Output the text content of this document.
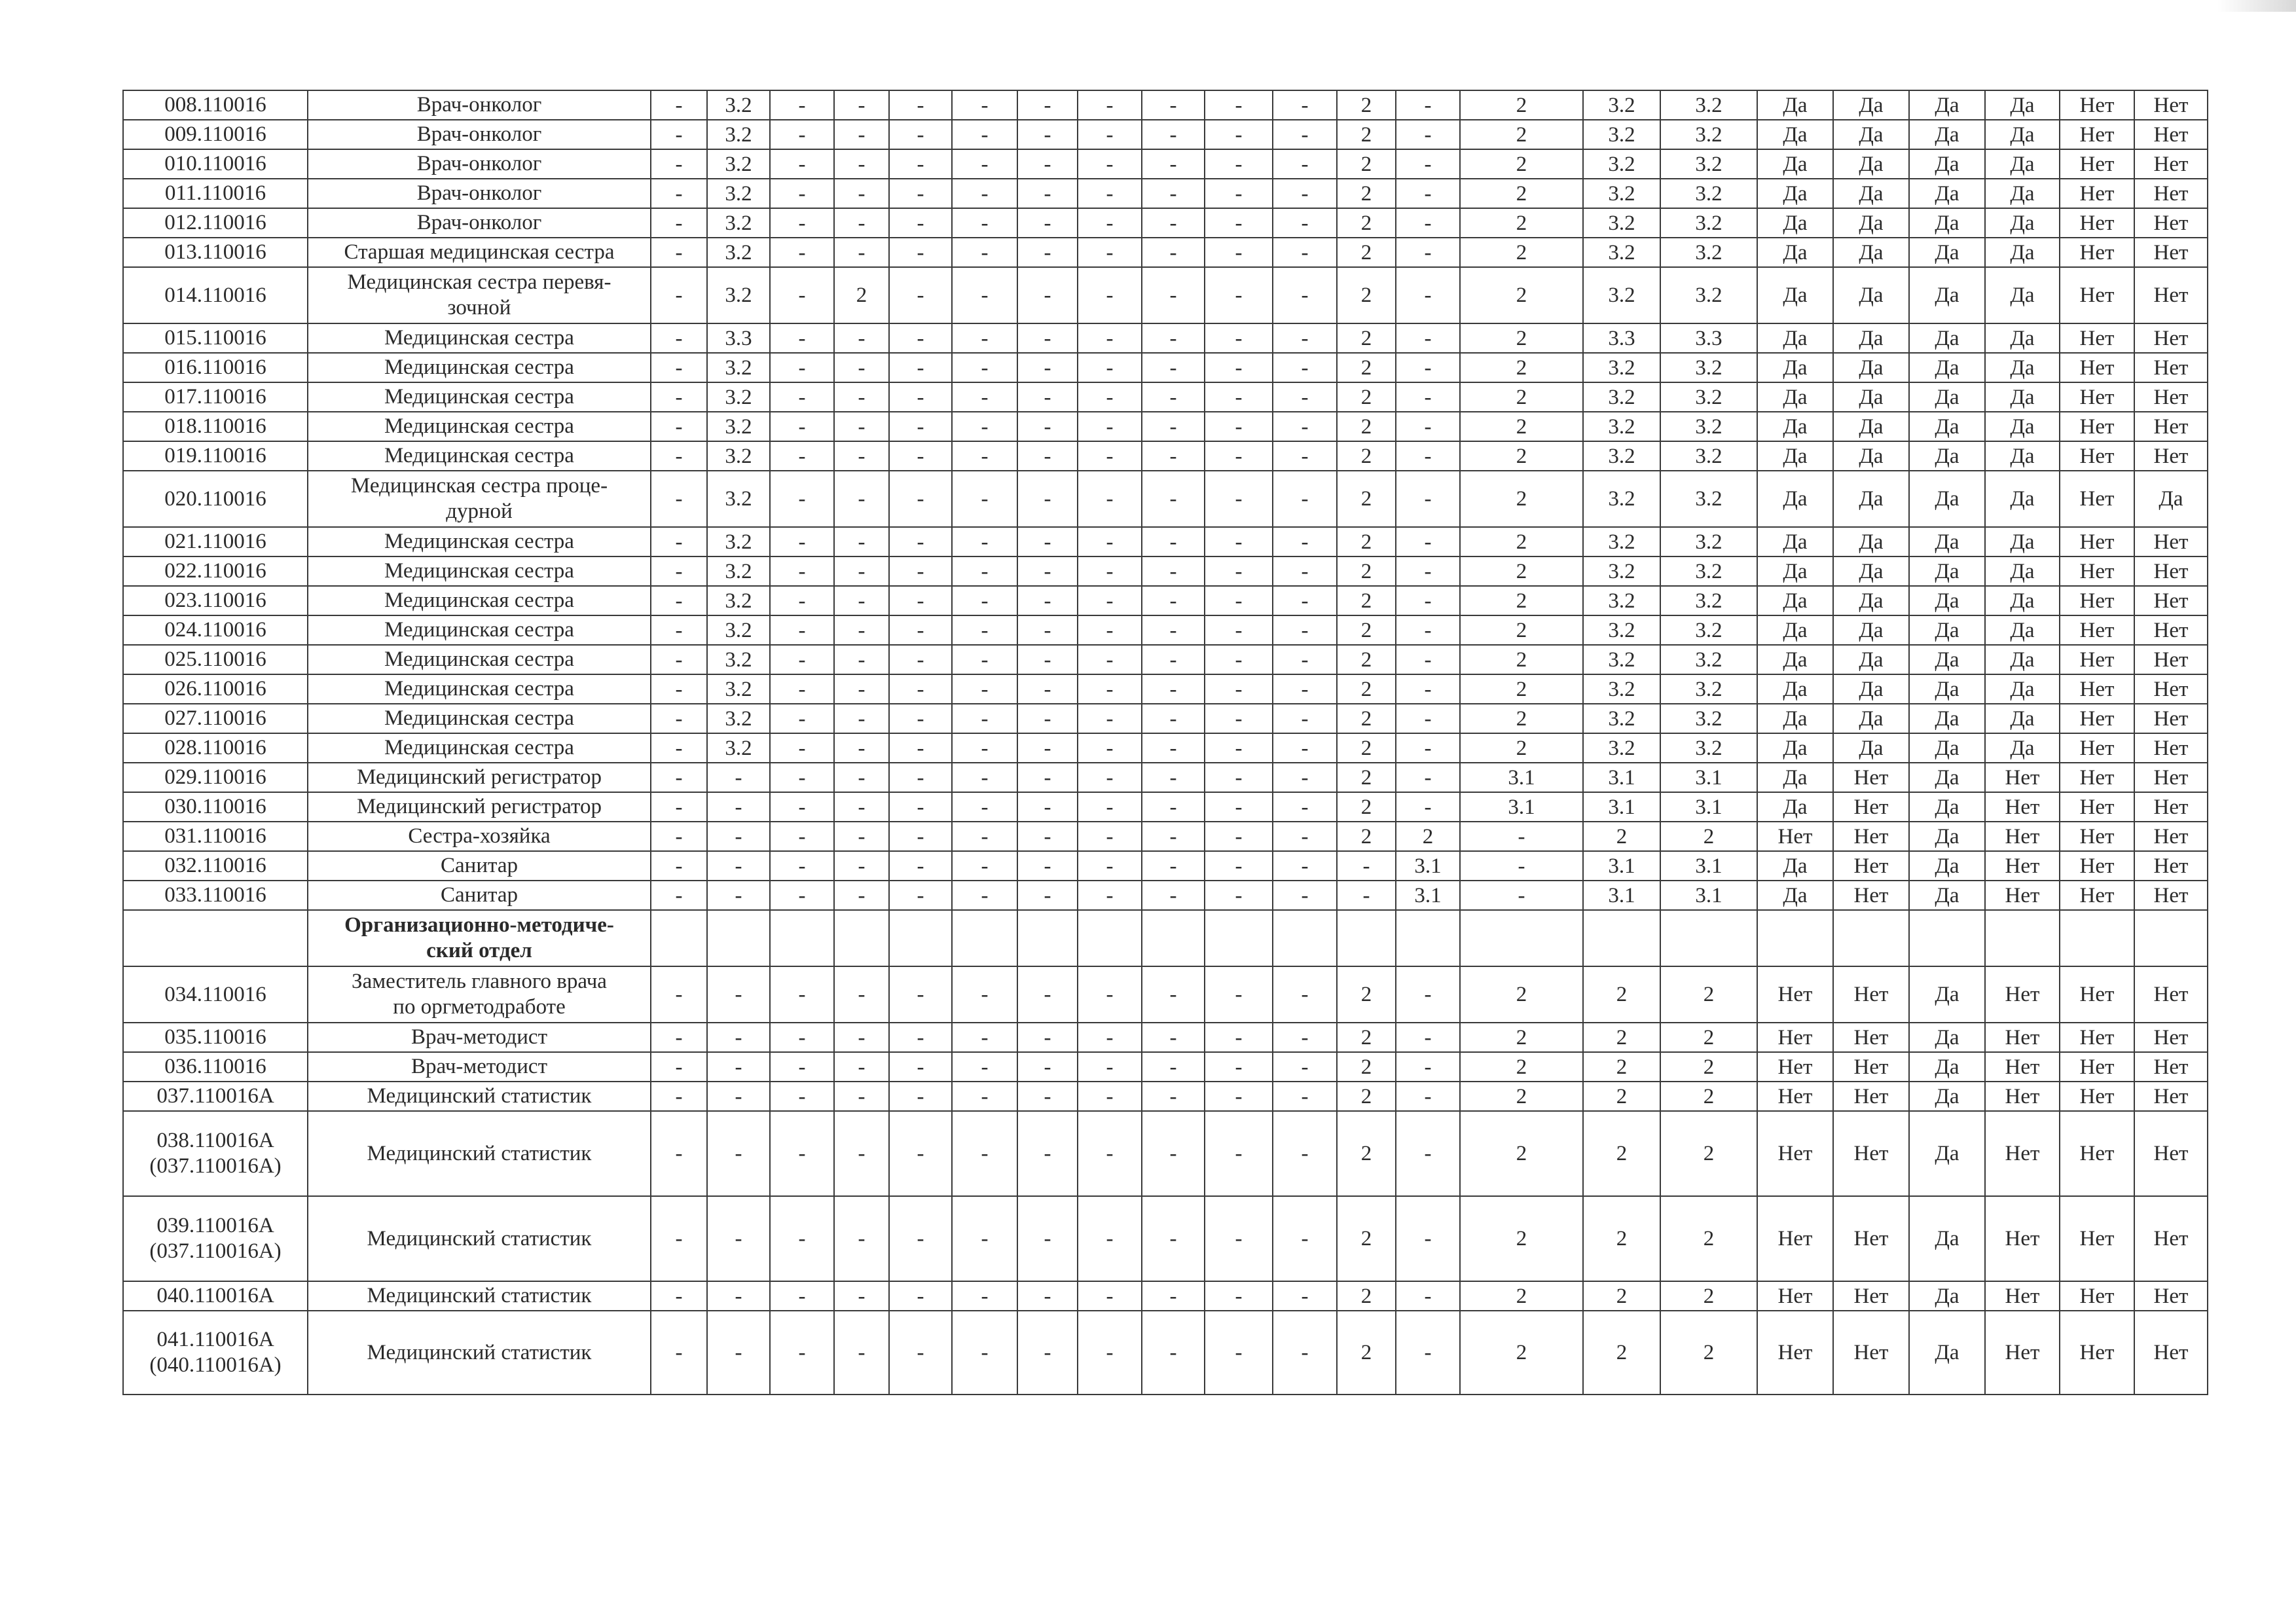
008.110016	Врач-онколог	-	3.2	-	-	-	-	-	-	-	-	-	2	-	2	3.2	3.2	Да	Да	Да	Да	Нет	Нет
009.110016	Врач-онколог	-	3.2	-	-	-	-	-	-	-	-	-	2	-	2	3.2	3.2	Да	Да	Да	Да	Нет	Нет
010.110016	Врач-онколог	-	3.2	-	-	-	-	-	-	-	-	-	2	-	2	3.2	3.2	Да	Да	Да	Да	Нет	Нет
011.110016	Врач-онколог	-	3.2	-	-	-	-	-	-	-	-	-	2	-	2	3.2	3.2	Да	Да	Да	Да	Нет	Нет
012.110016	Врач-онколог	-	3.2	-	-	-	-	-	-	-	-	-	2	-	2	3.2	3.2	Да	Да	Да	Да	Нет	Нет
013.110016	Старшая медицинская сестра	-	3.2	-	-	-	-	-	-	-	-	-	2	-	2	3.2	3.2	Да	Да	Да	Да	Нет	Нет
014.110016	Медицинская сестра перевя-
зочной	-	3.2	-	2	-	-	-	-	-	-	-	2	-	2	3.2	3.2	Да	Да	Да	Да	Нет	Нет
015.110016	Медицинская сестра	-	3.3	-	-	-	-	-	-	-	-	-	2	-	2	3.3	3.3	Да	Да	Да	Да	Нет	Нет
016.110016	Медицинская сестра	-	3.2	-	-	-	-	-	-	-	-	-	2	-	2	3.2	3.2	Да	Да	Да	Да	Нет	Нет
017.110016	Медицинская сестра	-	3.2	-	-	-	-	-	-	-	-	-	2	-	2	3.2	3.2	Да	Да	Да	Да	Нет	Нет
018.110016	Медицинская сестра	-	3.2	-	-	-	-	-	-	-	-	-	2	-	2	3.2	3.2	Да	Да	Да	Да	Нет	Нет
019.110016	Медицинская сестра	-	3.2	-	-	-	-	-	-	-	-	-	2	-	2	3.2	3.2	Да	Да	Да	Да	Нет	Нет
020.110016	Медицинская сестра проце-
дурной	-	3.2	-	-	-	-	-	-	-	-	-	2	-	2	3.2	3.2	Да	Да	Да	Да	Нет	Да
021.110016	Медицинская сестра	-	3.2	-	-	-	-	-	-	-	-	-	2	-	2	3.2	3.2	Да	Да	Да	Да	Нет	Нет
022.110016	Медицинская сестра	-	3.2	-	-	-	-	-	-	-	-	-	2	-	2	3.2	3.2	Да	Да	Да	Да	Нет	Нет
023.110016	Медицинская сестра	-	3.2	-	-	-	-	-	-	-	-	-	2	-	2	3.2	3.2	Да	Да	Да	Да	Нет	Нет
024.110016	Медицинская сестра	-	3.2	-	-	-	-	-	-	-	-	-	2	-	2	3.2	3.2	Да	Да	Да	Да	Нет	Нет
025.110016	Медицинская сестра	-	3.2	-	-	-	-	-	-	-	-	-	2	-	2	3.2	3.2	Да	Да	Да	Да	Нет	Нет
026.110016	Медицинская сестра	-	3.2	-	-	-	-	-	-	-	-	-	2	-	2	3.2	3.2	Да	Да	Да	Да	Нет	Нет
027.110016	Медицинская сестра	-	3.2	-	-	-	-	-	-	-	-	-	2	-	2	3.2	3.2	Да	Да	Да	Да	Нет	Нет
028.110016	Медицинская сестра	-	3.2	-	-	-	-	-	-	-	-	-	2	-	2	3.2	3.2	Да	Да	Да	Да	Нет	Нет
029.110016	Медицинский регистратор	-	-	-	-	-	-	-	-	-	-	-	2	-	3.1	3.1	3.1	Да	Нет	Да	Нет	Нет	Нет
030.110016	Медицинский регистратор	-	-	-	-	-	-	-	-	-	-	-	2	-	3.1	3.1	3.1	Да	Нет	Да	Нет	Нет	Нет
031.110016	Сестра-хозяйка	-	-	-	-	-	-	-	-	-	-	-	2	2	-	2	2	Нет	Нет	Да	Нет	Нет	Нет
032.110016	Санитар	-	-	-	-	-	-	-	-	-	-	-	-	3.1	-	3.1	3.1	Да	Нет	Да	Нет	Нет	Нет
033.110016	Санитар	-	-	-	-	-	-	-	-	-	-	-	-	3.1	-	3.1	3.1	Да	Нет	Да	Нет	Нет	Нет
	Организационно-методиче-
ский отдел																						
034.110016	Заместитель главного врача
по оргметодработе	-	-	-	-	-	-	-	-	-	-	-	2	-	2	2	2	Нет	Нет	Да	Нет	Нет	Нет
035.110016	Врач-методист	-	-	-	-	-	-	-	-	-	-	-	2	-	2	2	2	Нет	Нет	Да	Нет	Нет	Нет
036.110016	Врач-методист	-	-	-	-	-	-	-	-	-	-	-	2	-	2	2	2	Нет	Нет	Да	Нет	Нет	Нет
037.110016А	Медицинский статистик	-	-	-	-	-	-	-	-	-	-	-	2	-	2	2	2	Нет	Нет	Да	Нет	Нет	Нет
038.110016А
(037.110016А)	Медицинский статистик	-	-	-	-	-	-	-	-	-	-	-	2	-	2	2	2	Нет	Нет	Да	Нет	Нет	Нет
039.110016А
(037.110016А)	Медицинский статистик	-	-	-	-	-	-	-	-	-	-	-	2	-	2	2	2	Нет	Нет	Да	Нет	Нет	Нет
040.110016А	Медицинский статистик	-	-	-	-	-	-	-	-	-	-	-	2	-	2	2	2	Нет	Нет	Да	Нет	Нет	Нет
041.110016А
(040.110016А)	Медицинский статистик	-	-	-	-	-	-	-	-	-	-	-	2	-	2	2	2	Нет	Нет	Да	Нет	Нет	Нет
